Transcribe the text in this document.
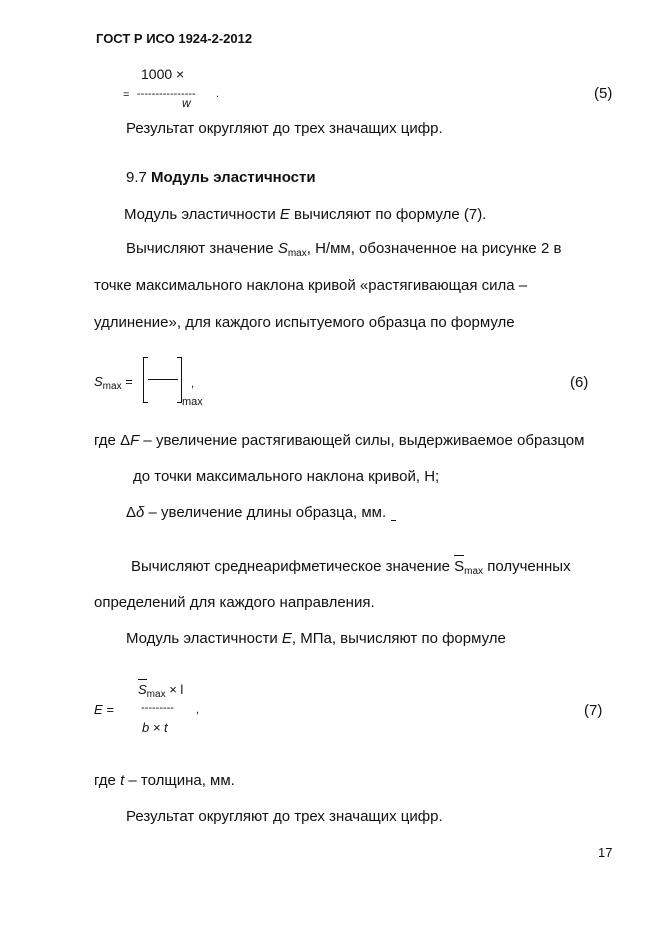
ГОСТ Р ИСО 1924-2-2012
1000 ×
= ---------------- .
w
(5)
Результат округляют до трех значащих цифр.
9.7 Модуль эластичности
Модуль эластичности E вычисляют по формуле (7).
Вычисляют значение $S_{max}$, Н/мм, обозначенное на рисунке 2 в
точке максимального наклона кривой «растягивающая сила –
удлинение», для каждого испытуемого образца по формуле
$S_{max}$ =
max
,	(6)
где ΔF – увеличение растягивающей силы, выдерживаемое образцом
до точки максимального наклона кривой, Н;
Δδ – увеличение длины образца, мм.
Вычисляют среднеарифметическое значение
$S_{max}$ полученных
определений для каждого направления.
Модуль эластичности E, МПа, вычисляют по формуле
$S_{max} \times l$
E = --------- ,
b × t
(7)
где t – толщина, мм.
Результат округляют до трех значащих цифр.
17
